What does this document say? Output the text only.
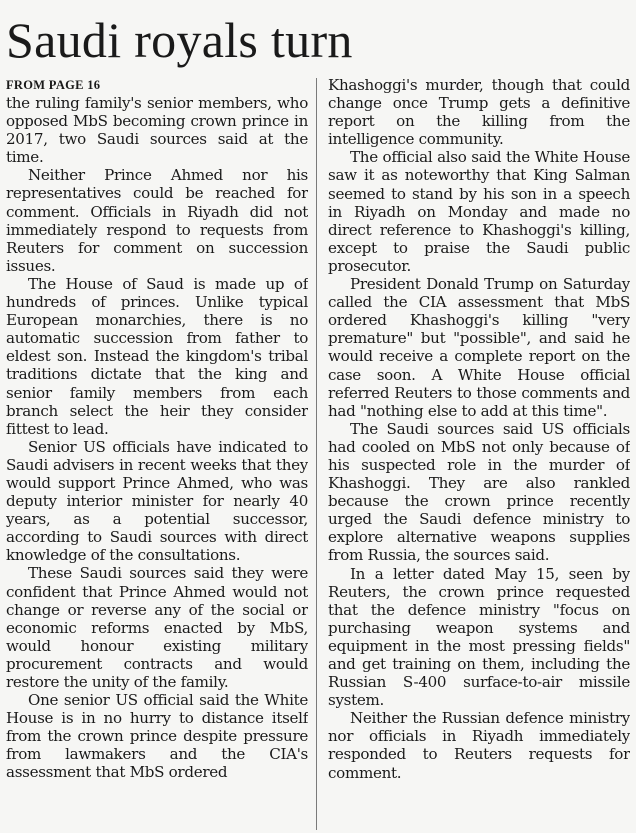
Saudi royals turn
FROM PAGE 16

the ruling family's senior members, who opposed MbS becoming crown prince in 2017, two Saudi sources said at the time.

Neither Prince Ahmed nor his representatives could be reached for comment. Officials in Riyadh did not immediately respond to requests from Reuters for comment on succession issues.

The House of Saud is made up of hundreds of princes. Unlike typical European monarchies, there is no automatic succession from father to eldest son. Instead the kingdom's tribal traditions dictate that the king and senior family members from each branch select the heir they consider fittest to lead.

Senior US officials have indicated to Saudi advisers in recent weeks that they would support Prince Ahmed, who was deputy interior minister for nearly 40 years, as a potential successor, according to Saudi sources with direct knowledge of the consultations.

These Saudi sources said they were confident that Prince Ahmed would not change or reverse any of the social or economic reforms enacted by MbS, would honour existing military procurement contracts and would restore the unity of the family.

One senior US official said the White House is in no hurry to distance itself from the crown prince despite pressure from lawmakers and the CIA's assessment that MbS ordered

Khashoggi's murder, though that could change once Trump gets a definitive report on the killing from the intelligence community.

The official also said the White House saw it as noteworthy that King Salman seemed to stand by his son in a speech in Riyadh on Monday and made no direct reference to Khashoggi's killing, except to praise the Saudi public prosecutor.

President Donald Trump on Saturday called the CIA assessment that MbS ordered Khashoggi's killing "very premature" but "possible", and said he would receive a complete report on the case soon. A White House official referred Reuters to those comments and had "nothing else to add at this time".

The Saudi sources said US officials had cooled on MbS not only because of his suspected role in the murder of Khashoggi. They are also rankled because the crown prince recently urged the Saudi defence ministry to explore alternative weapons supplies from Russia, the sources said.

In a letter dated May 15, seen by Reuters, the crown prince requested that the defence ministry "focus on purchasing weapon systems and equipment in the most pressing fields" and get training on them, including the Russian S-400 surface-to-air missile system.

Neither the Russian defence ministry nor officials in Riyadh immediately responded to Reuters requests for comment.
